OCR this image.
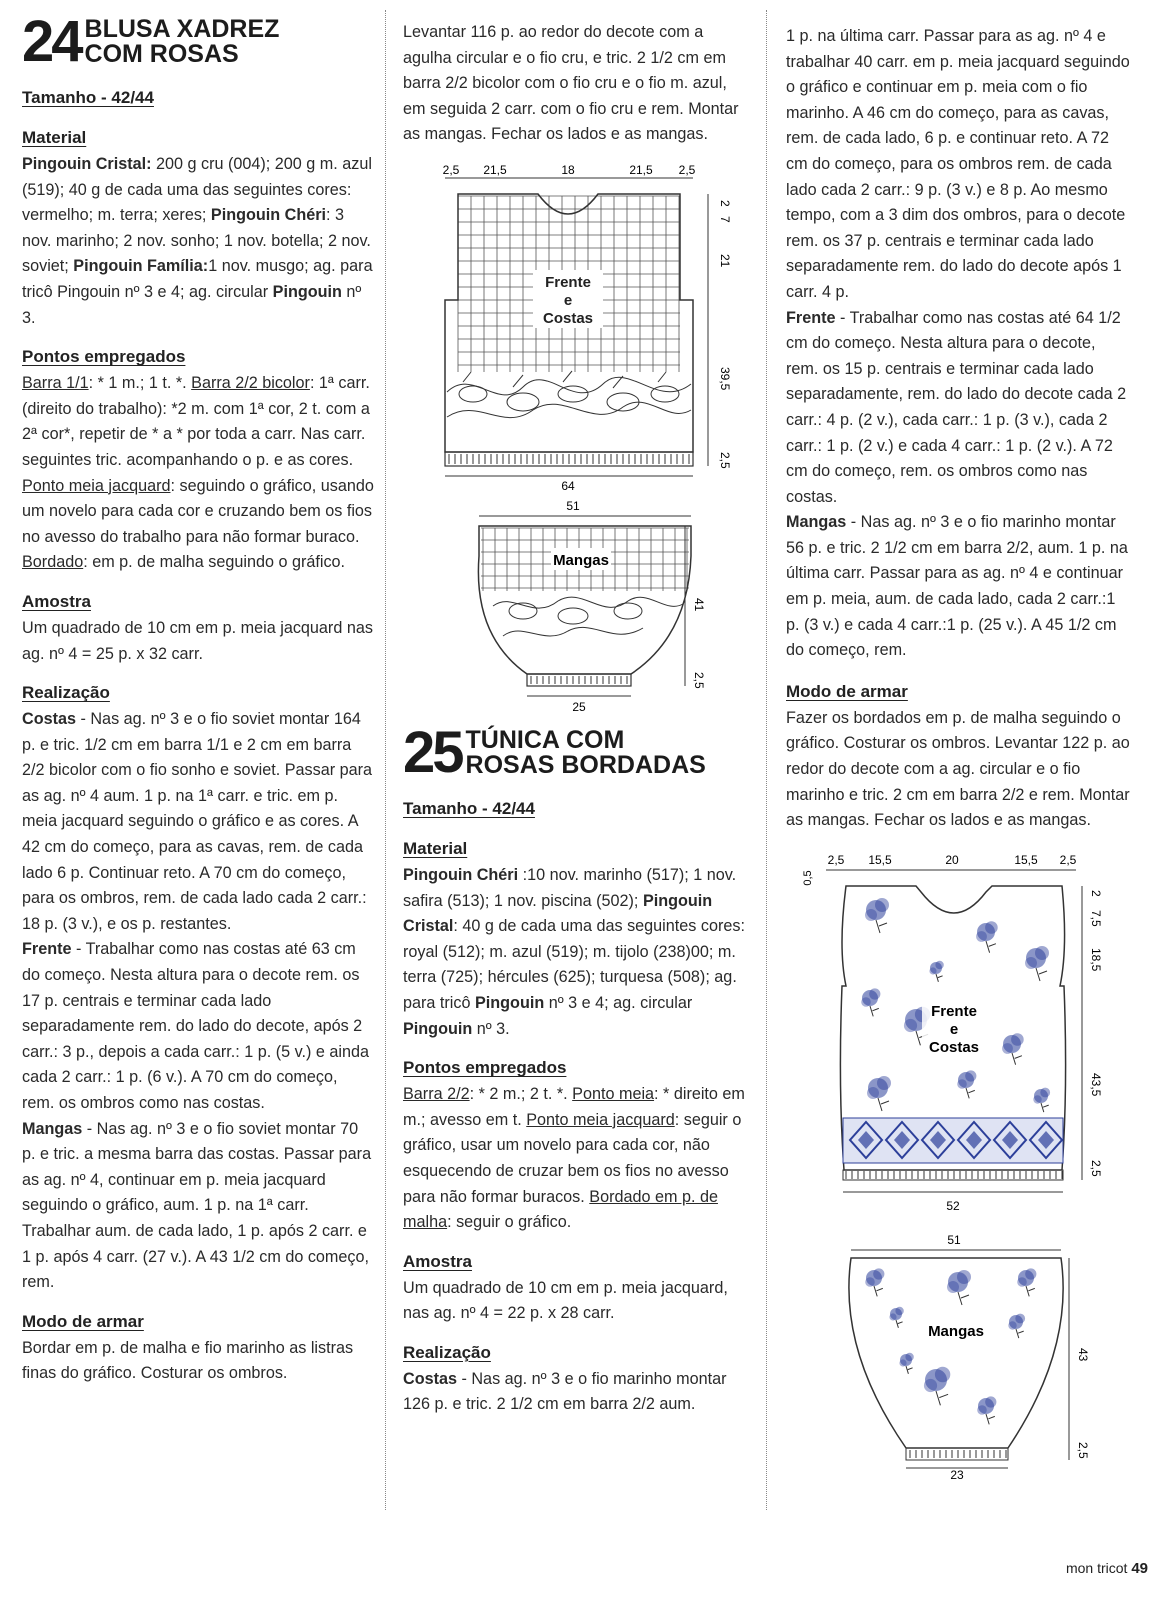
24 BLUSA XADREZ
COM ROSAS
Tamanho - 42/44
Material

Pingouin Cristal: 200 g cru (004); 200 g m. azul (519); 40 g de cada uma das seguintes cores: vermelho; m. terra; xeres; Pingouin Chéri: 3 nov. marinho; 2 nov. sonho; 1 nov. botella; 2 nov. soviet; Pingouin Família:1 nov. musgo; ag. para tricô Pingouin nº 3 e 4; ag. circular Pingouin nº 3.

Pontos empregados

Barra 1/1: * 1 m.; 1 t. *. Barra 2/2 bicolor: 1ª carr. (direito do trabalho): *2 m. com 1ª cor, 2 t. com a 2ª cor*, repetir de * a * por toda a carr. Nas carr. seguintes tric. acompanhando o p. e as cores. Ponto meia jacquard: seguindo o gráfico, usando um novelo para cada cor e cruzando bem os fios no avesso do trabalho para não formar buraco. Bordado: em p. de malha seguindo o gráfico.

Amostra

Um quadrado de 10 cm em p. meia jacquard nas ag. nº 4 = 25 p. x 32 carr.

Realização

Costas - Nas ag. nº 3 e o fio soviet montar 164 p. e tric. 1/2 cm em barra 1/1 e 2 cm em barra 2/2 bicolor com o fio sonho e soviet. Passar para as ag. nº 4 aum. 1 p. na 1ª carr. e tric. em p. meia jacquard seguindo o gráfico e as cores. A 42 cm do começo, para as cavas, rem. de cada lado 6 p. Continuar reto. A 70 cm do começo, para os ombros, rem. de cada lado cada 2 carr.: 18 p. (3 v.), e os p. restantes.

Frente - Trabalhar como nas costas até 63 cm do começo. Nesta altura para o decote rem. os 17 p. centrais e terminar cada lado separadamente rem. do lado do decote, após 2 carr.: 3 p., depois a cada carr.: 1 p. (5 v.) e ainda cada 2 carr.: 1 p. (6 v.). A 70 cm do começo, rem. os ombros como nas costas.

Mangas - Nas ag. nº 3 e o fio soviet montar 70 p. e tric. a mesma barra das costas. Passar para as ag. nº 4, continuar em p. meia jacquard seguindo o gráfico, aum. 1 p. na 1ª carr. Trabalhar aum. de cada lado, 1 p. após 2 carr. e 1 p. após 4 carr. (27 v.). A 43 1/2 cm do começo, rem.

Modo de armar

Bordar em p. de malha e fio marinho as listras finas do gráfico. Costurar os ombros.

Levantar 116 p. ao redor do decote com a agulha circular e o fio cru, e tric. 2 1/2 cm em barra 2/2 bicolor com o fio cru e o fio m. azul, em seguida 2 carr. com o fio cru e rem. Montar as mangas. Fechar os lados e as mangas.

Frente
e
Costas
2,5 21,5	18	21,5 2,5
2
7
21
39,5
2,5
64
51
Mangas
41
2,5
25
25 TÚNICA COM
ROSAS BORDADAS
Tamanho - 42/44
Material

Pingouin Chéri :10 nov. marinho (517); 1 nov. safira (513); 1 nov. piscina (502); Pingouin Cristal: 40 g de cada uma das seguintes cores: royal (512); m. azul (519); m. tijolo (238)00; m. terra (725); hércules (625); turquesa (508); ag. para tricô Pingouin nº 3 e 4; ag. circular Pingouin nº 3.

Pontos empregados

Barra 2/2: * 2 m.; 2 t. *. Ponto meia: * direito em m.; avesso em t. Ponto meia jacquard: seguir o gráfico, usar um novelo para cada cor, não esquecendo de cruzar bem os fios no avesso para não formar buracos. Bordado em p. de malha: seguir o gráfico.

Amostra

Um quadrado de 10 cm em p. meia jacquard, nas ag. nº 4 = 22 p. x 28 carr.

Realização

Costas - Nas ag. nº 3 e o fio marinho montar 126 p. e tric. 2 1/2 cm em barra 2/2 aum.

1 p. na última carr. Passar para as ag. nº 4 e trabalhar 40 carr. em p. meia jacquard seguindo o gráfico e continuar em p. meia com o fio marinho. A 46 cm do começo, para as cavas, rem. de cada lado, 6 p. e continuar reto. A 72 cm do começo, para os ombros rem. de cada lado cada 2 carr.: 9 p. (3 v.) e 8 p. Ao mesmo tempo, com a 3 dim dos ombros, para o decote rem. os 37 p. centrais e terminar cada lado separadamente rem. do lado do decote após 1 carr. 4 p.

Frente - Trabalhar como nas costas até 64 1/2 cm do começo. Nesta altura para o decote, rem. os 15 p. centrais e terminar cada lado separadamente, rem. do lado do decote cada 2 carr.: 4 p. (2 v.), cada carr.: 1 p. (3 v.), cada 2 carr.: 1 p. (2 v.) e cada 4 carr.: 1 p. (2 v.). A 72 cm do começo, rem. os ombros como nas costas.

Mangas - Nas ag. nº 3 e o fio marinho montar 56 p. e tric. 2 1/2 cm em barra 2/2, aum. 1 p. na última carr. Passar para as ag. nº 4 e continuar em p. meia, aum. de cada lado, cada 2 carr.:1 p. (3 v.) e cada 4 carr.:1 p. (25 v.). A 45 1/2 cm do começo, rem.

Modo de armar

Fazer os bordados em p. de malha seguindo o gráfico. Costurar os ombros. Levantar 122 p. ao redor do decote com a ag. circular e o fio marinho e tric. 2 cm em barra 2/2 e rem. Montar as mangas. Fechar os lados e as mangas.

2,5 15,5	20	15,5 2,5
0,5
Frente
e
Costas
2
7,5
18,5
43,5
2,5
52
51
Mangas
43
2,5
23
mon tricot 49
